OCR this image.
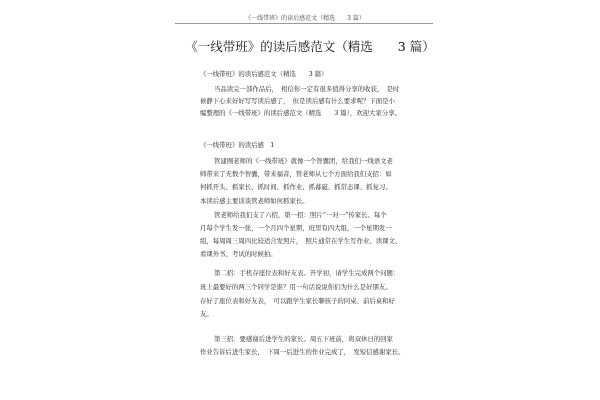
《一线带班》的读后感范文（精选　　3 篇）
《一线带班》的读后感范文（精选　　3 篇）
《一线带班》的读后感范文（精选　　3 篇）
当品读完一部作品后，　相信你一定有很多值得分享的收获，　是时
候静下心来好好写写读后感了，　但是读后感有什么要求呢？下面是小
编整理的《一线带班》的读后感范文（精选　　3 篇），欢迎大家分享。
《一线带班》的读后感　1
管建刚老师的《一线带班》就像一个智囊团，给我们一线语文老
师带来了无数个智囊，带来福音，管老师从七个方面给我们支招：如
何抓开头、抓家长、抓时间、抓作业、抓幕磁、抓常态课、抓复习。
本读后感主要谈谈管老师如何抓家长。
管老师给我们支了六招，第一招：照片“一对一”传家长。每个
月每个学生发一张，一个月四个星期，班里有四大组，一个星期发一
组，每周周三周四比较适合发照片，　照片通常在学生写作业、读课文、
看课外书、考试的时候拍。
第二招：手机存座位表和好友表。开学初，请学生完成两个问题：
班上最要好的两三个同学是谁？用一句话说说你们为什么是好朋友。
存好了座位表和好友表，　可以跟学生家长聊孩子的同桌、前后桌和好
友。
第三招：要感谢后进学生的家长。周五下班前，将双休日的回家
作业告诉后进生家长，　下周一后进生的作业完成了，　发短信感谢家长。
